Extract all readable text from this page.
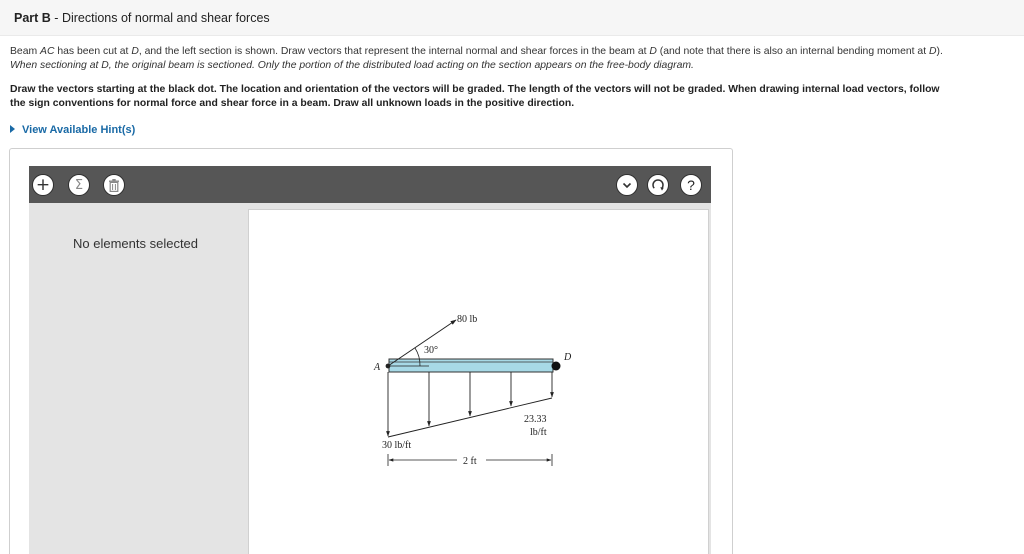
Part B - Directions of normal and shear forces
Beam AC has been cut at D, and the left section is shown. Draw vectors that represent the internal normal and shear forces in the beam at D (and note that there is also an internal bending moment at D).
When sectioning at D, the original beam is sectioned. Only the portion of the distributed load acting on the section appears on the free-body diagram.
Draw the vectors starting at the black dot. The location and orientation of the vectors will be graded. The length of the vectors will not be graded. When drawing internal load vectors, follow
the sign conventions for normal force and shear force in a beam. Draw all unknown loads in the positive direction.
View Available Hint(s)
+ Σ	?
No elements selected
A
D
80 lb
30°
30 lb/ft
23.33
lb/ft
2 ft
